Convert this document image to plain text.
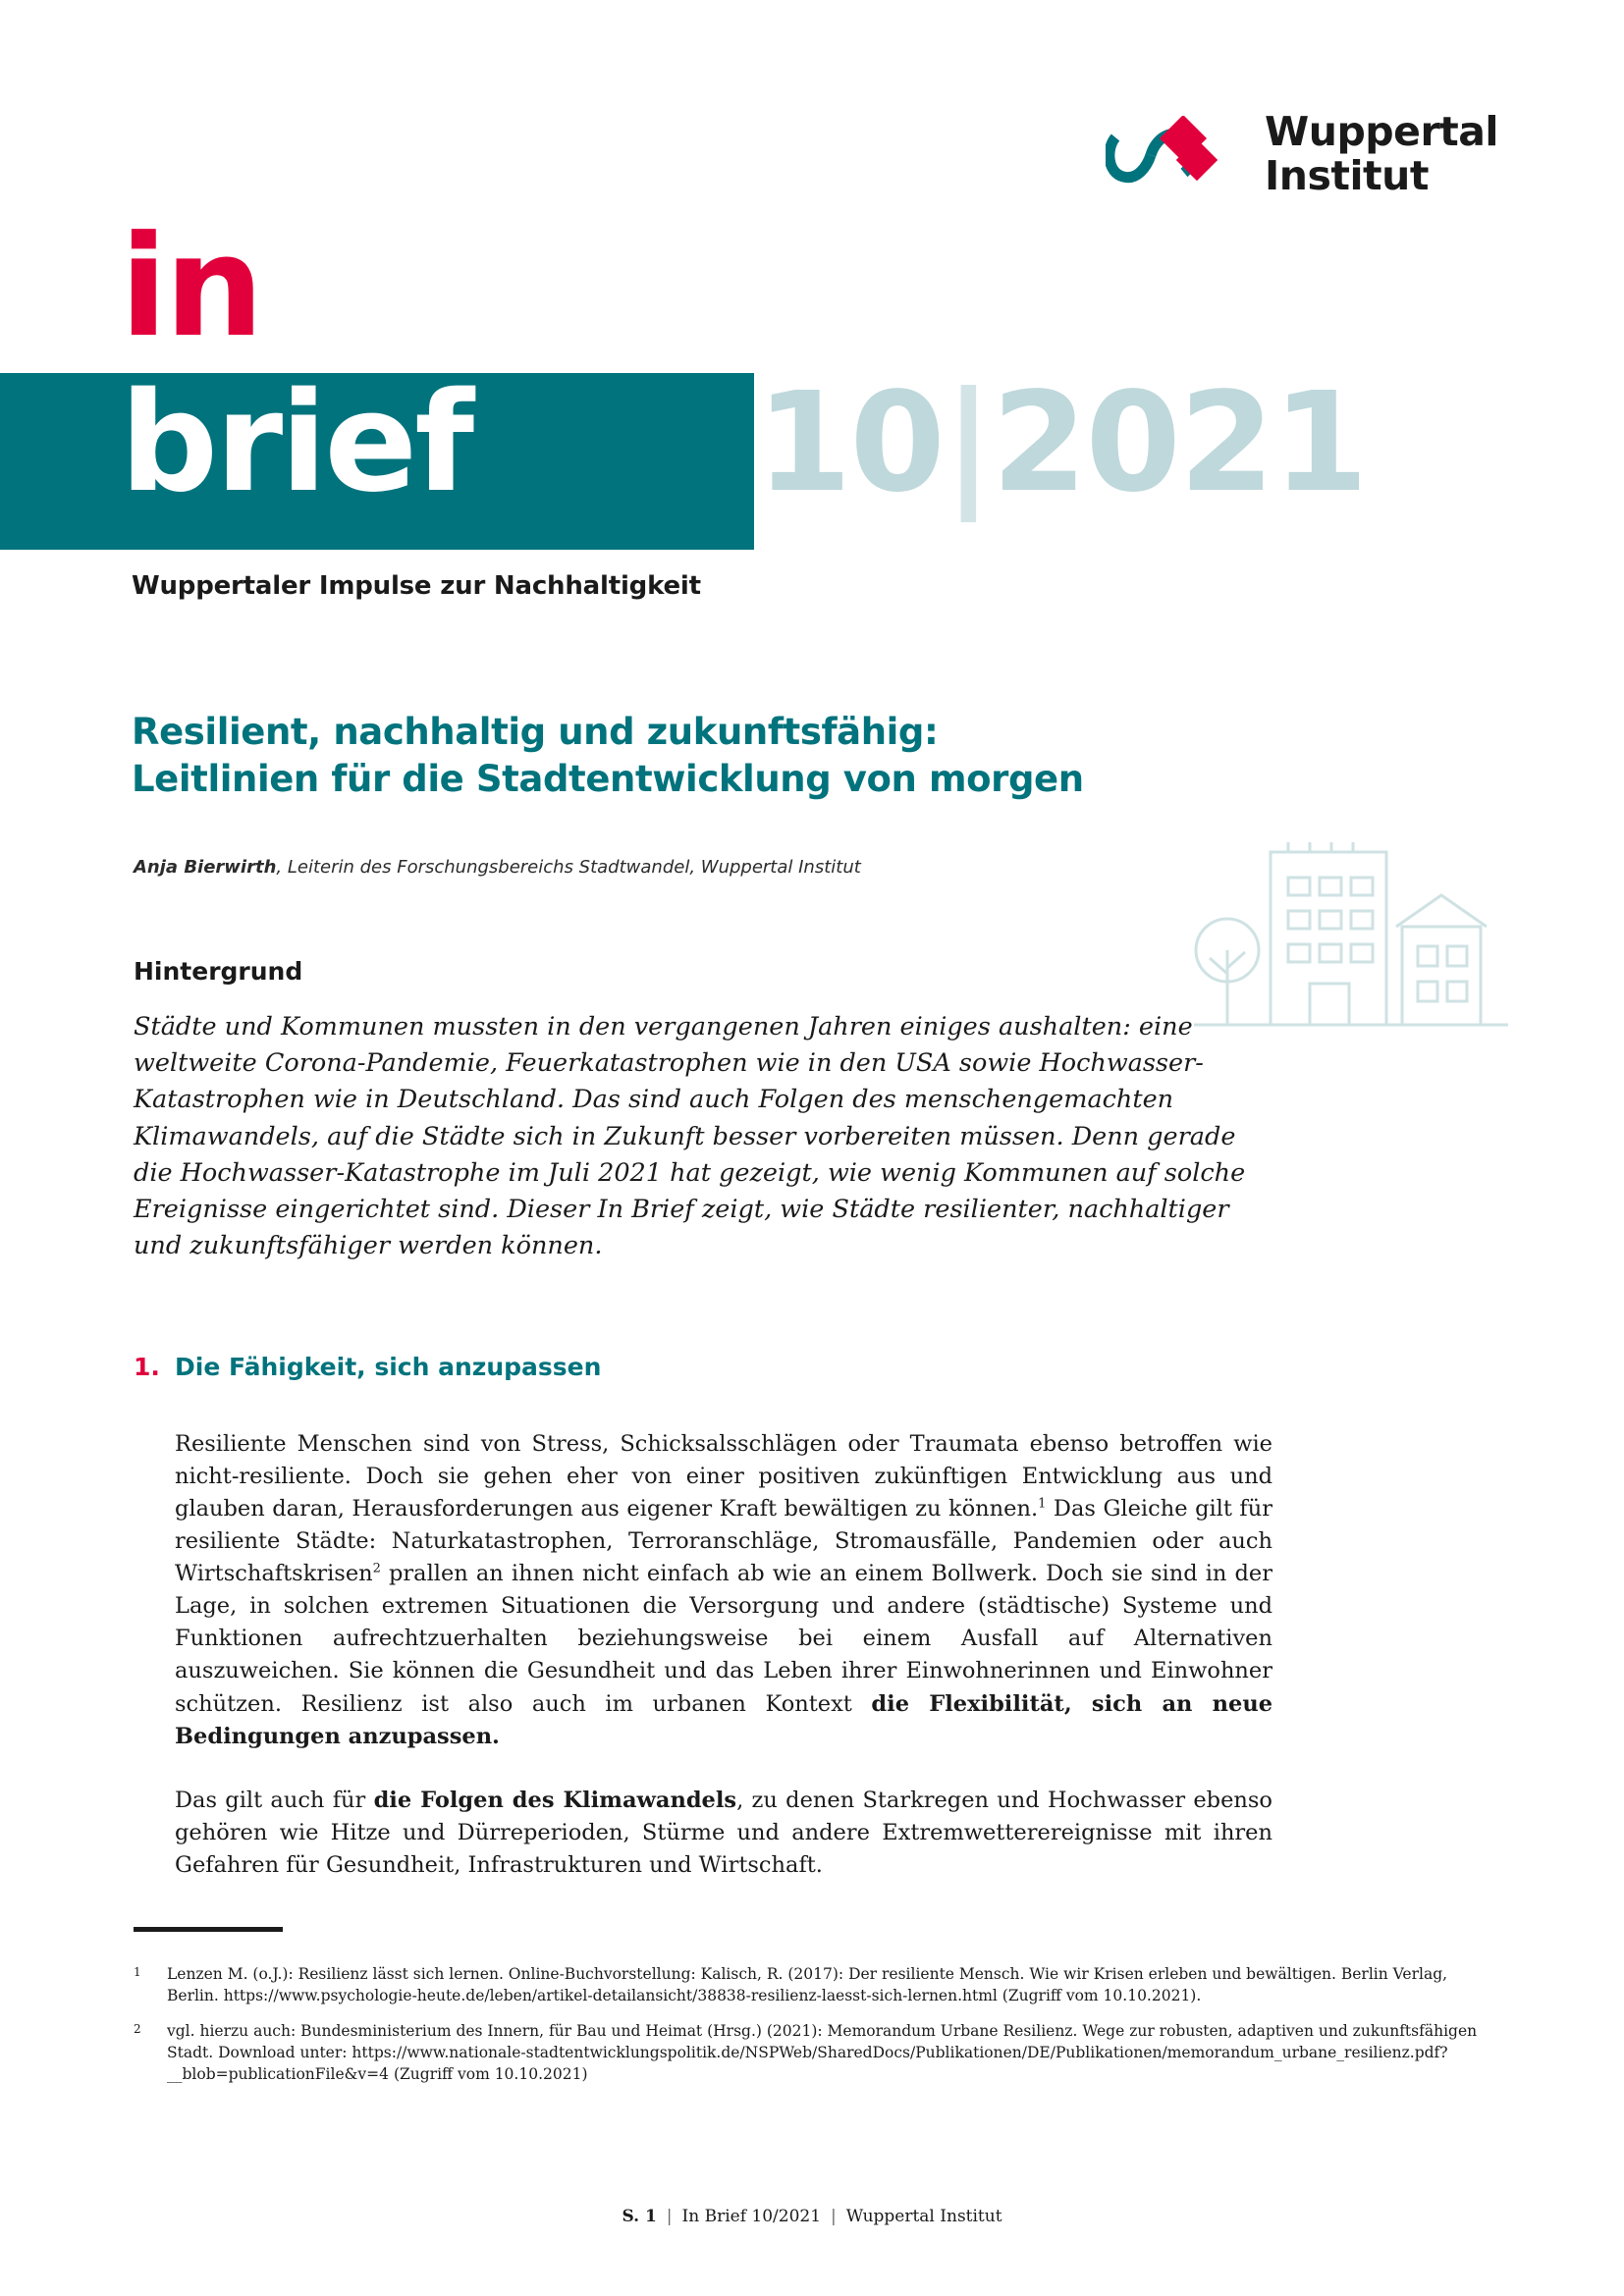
Wuppertal
Institut
in
brief 10|2021
Wuppertaler Impulse zur Nachhaltigkeit
Resilient, nachhaltig und zukunftsfähig:
Leitlinien für die Stadtentwicklung von morgen
Anja Bierwirth, Leiterin des Forschungsbereichs Stadtwandel, Wuppertal Institut
Hintergrund
Städte und Kommunen mussten in den vergangenen Jahren einiges aushalten: eine weltweite Corona-Pandemie, Feuerkatastrophen wie in den USA sowie Hochwasser-Katastrophen wie in Deutschland. Das sind auch Folgen des menschengemachten Klimawandels, auf die Städte sich in Zukunft besser vorbereiten müssen. Denn gerade die Hochwasser-Katastrophe im Juli 2021 hat gezeigt, wie wenig Kommunen auf solche Ereignisse eingerichtet sind. Dieser In Brief zeigt, wie Städte resilienter, nachhaltiger und zukunftsfähiger werden können.
1. Die Fähigkeit, sich anzupassen
Resiliente Menschen sind von Stress, Schicksalsschlägen oder Traumata ebenso betroffen wie nicht-resiliente. Doch sie gehen eher von einer positiven zukünftigen Entwicklung aus und glauben daran, Herausforderungen aus eigener Kraft bewältigen zu können.$^1$ Das Gleiche gilt für resiliente Städte: Naturkatastrophen, Terroranschläge, Stromausfälle, Pandemien oder auch Wirtschaftskrisen$^2$ prallen an ihnen nicht einfach ab wie an einem Bollwerk. Doch sie sind in der Lage, in solchen extremen Situationen die Versorgung und andere (städtische) Systeme und Funktionen aufrechtzuerhalten beziehungsweise bei einem Ausfall auf Alternativen auszuweichen. Sie können die Gesundheit und das Leben ihrer Einwohnerinnen und Einwohner schützen. Resilienz ist also auch im urbanen Kontext die Flexibilität, sich an neue Bedingungen anzupassen.
Das gilt auch für die Folgen des Klimawandels, zu denen Starkregen und Hochwasser ebenso gehören wie Hitze und Dürreperioden, Stürme und andere Extremwetterereignisse mit ihren Gefahren für Gesundheit, Infrastrukturen und Wirtschaft.
1	Lenzen M. (o.J.): Resilienz lässt sich lernen. Online-Buchvorstellung: Kalisch, R. (2017): Der resiliente Mensch. Wie wir Krisen erleben und bewältigen. Berlin Verlag, Berlin. https://www.psychologie-heute.de/leben/artikel-detailansicht/38838-resilienz-laesst-sich-lernen.html (Zugriff vom 10.10.2021).
2	vgl. hierzu auch: Bundesministerium des Innern, für Bau und Heimat (Hrsg.) (2021): Memorandum Urbane Resilienz. Wege zur robusten, adaptiven und zukunftsfähigen Stadt. Download unter: https://www.nationale-stadtentwicklungspolitik.de/NSPWeb/SharedDocs/Publikationen/DE/Publikationen/memorandum_urbane_resilienz.pdf?__blob=publicationFile&v=4 (Zugriff vom 10.10.2021)
S. 1 | In Brief 10/2021 | Wuppertal Institut
